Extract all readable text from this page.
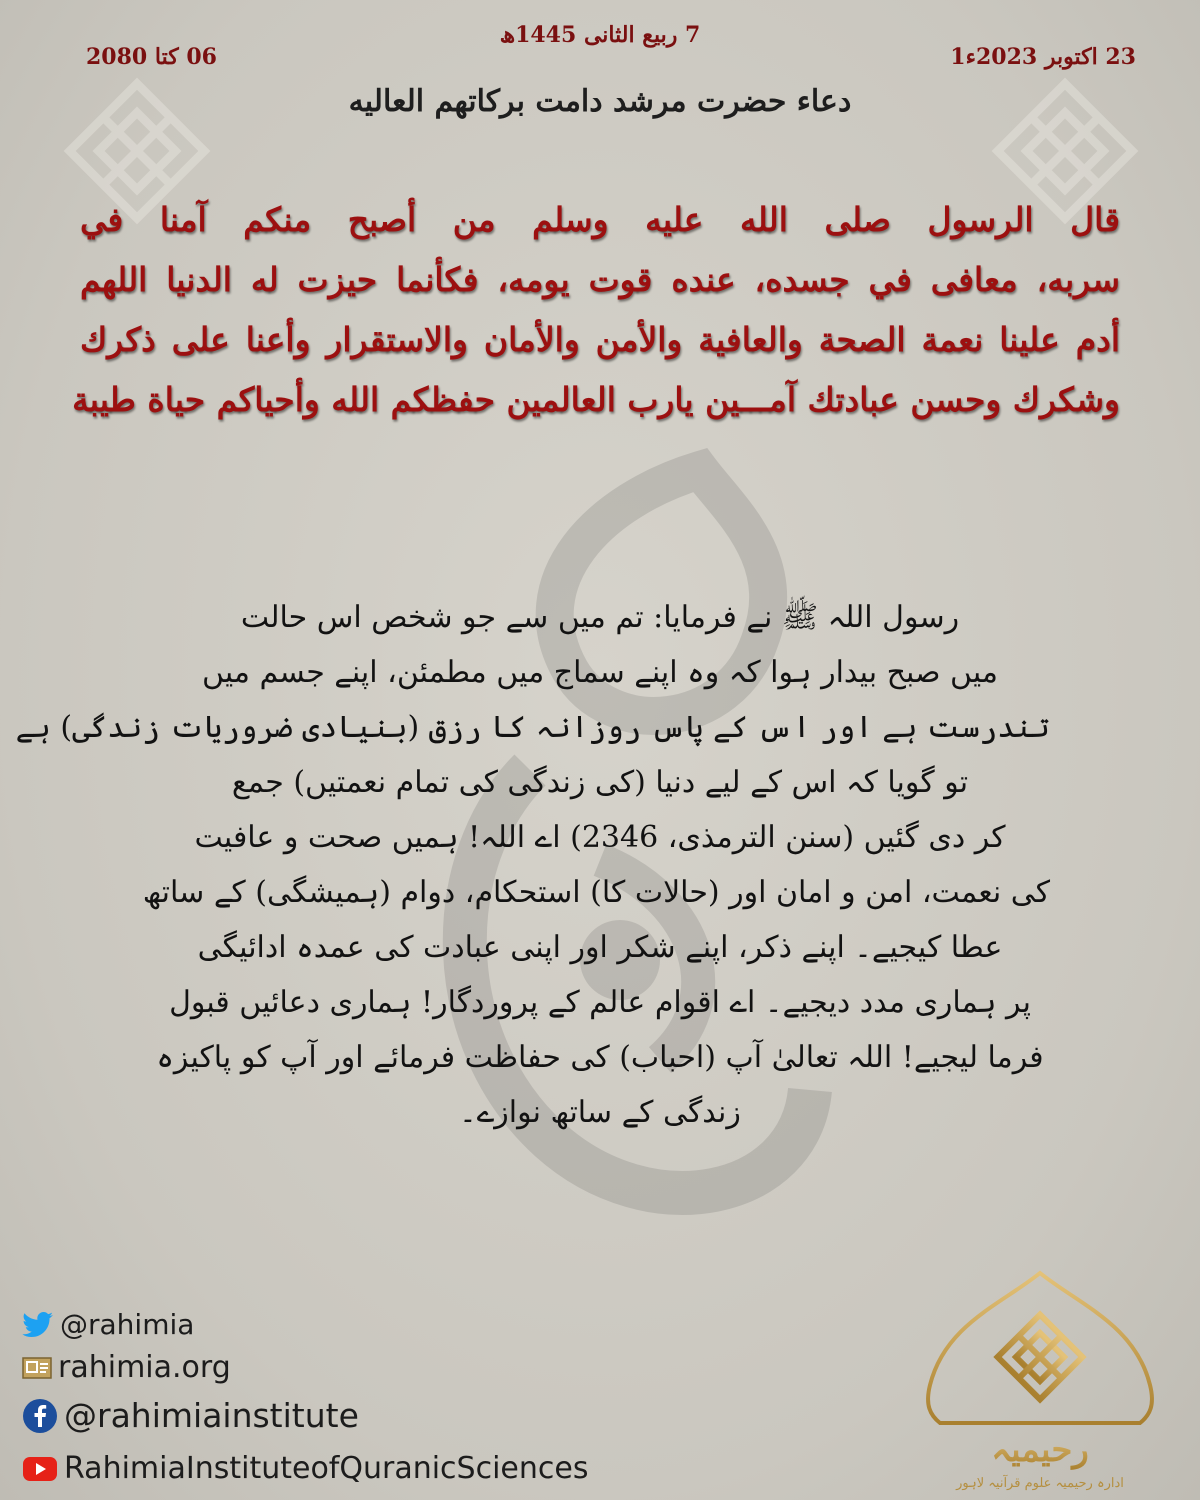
23 اکتوبر 2023ء1
7 ربیع الثانی 1445ھ
06 کتا 2080
دعاء حضرت مرشد دامت برکاتهم العالیه
قال الرسول صلى الله عليه وسلم من أصبح منكم آمنا في
سربه، معافى في جسده، عنده قوت يومه، فكأنما حيزت له الدنيا اللهم
أدم علينا نعمة الصحة والعافية والأمن والأمان والاستقرار وأعنا على ذكرك
وشكرك وحسن عبادتك آمـــين يارب العالمين حفظكم الله وأحياكم حياة طيبة
رسول اللہ ﷺ نے فرمایا: تم میں سے جو شخص اس حالت
میں صبح بیدار ہوا کہ وہ اپنے سماج میں مطمئن، اپنے جسم میں
تندرست ہے اور اس کے پاس روزانہ کا رزق (بنیادی ضروریات زندگی) ہے
تو گویا کہ اس کے لیے دنیا (کی زندگی کی تمام نعمتیں) جمع
کر دی گئیں (سنن الترمذی، 2346) اے اللہ! ہمیں صحت و عافیت
کی نعمت، امن و امان اور (حالات کا) استحکام، دوام (ہمیشگی) کے ساتھ
عطا کیجیے۔ اپنے ذکر، اپنے شکر اور اپنی عبادت کی عمدہ ادائیگی
پر ہماری مدد دیجیے۔ اے اقوام عالم کے پروردگار! ہماری دعائیں قبول
فرما لیجیے! اللہ تعالیٰ آپ (احباب) کی حفاظت فرمائے اور آپ کو پاکیزہ
زندگی کے ساتھ نوازے۔
@rahimia
rahimia.org
@rahimiainstitute
RahimiaInstituteofQuranicSciences	رحیمیہ
ادارہ رحیمیہ علوم قرآنیہ لاہور
